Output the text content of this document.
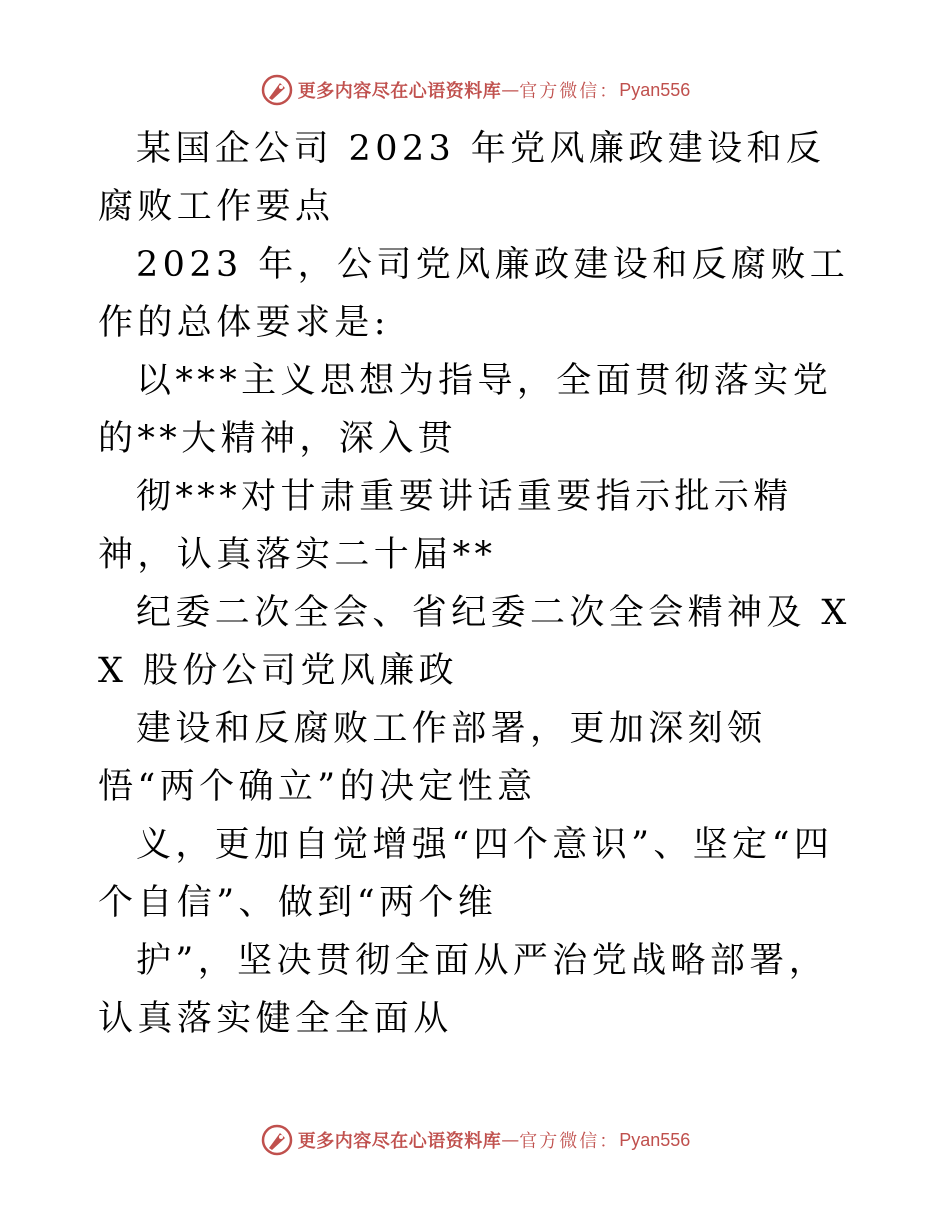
更多内容尽在心语资料库 — 官方微信： Pyan556

某国企公司 2023 年党风廉政建设和反腐败工作要点

2023 年，公司党风廉政建设和反腐败工作的总体要求是:

以***主义思想为指导，全面贯彻落实党的**大精神，深入贯

彻***对甘肃重要讲话重要指示批示精神，认真落实二十届**

纪委二次全会、省纪委二次全会精神及 XX 股份公司党风廉政

建设和反腐败工作部署，更加深刻领悟“两个确立”的决定性意

义，更加自觉增强“四个意识”、坚定“四个自信”、做到“两个维

护”，坚决贯彻全面从严治党战略部署，认真落实健全全面从

更多内容尽在心语资料库 — 官方微信： Pyan556
